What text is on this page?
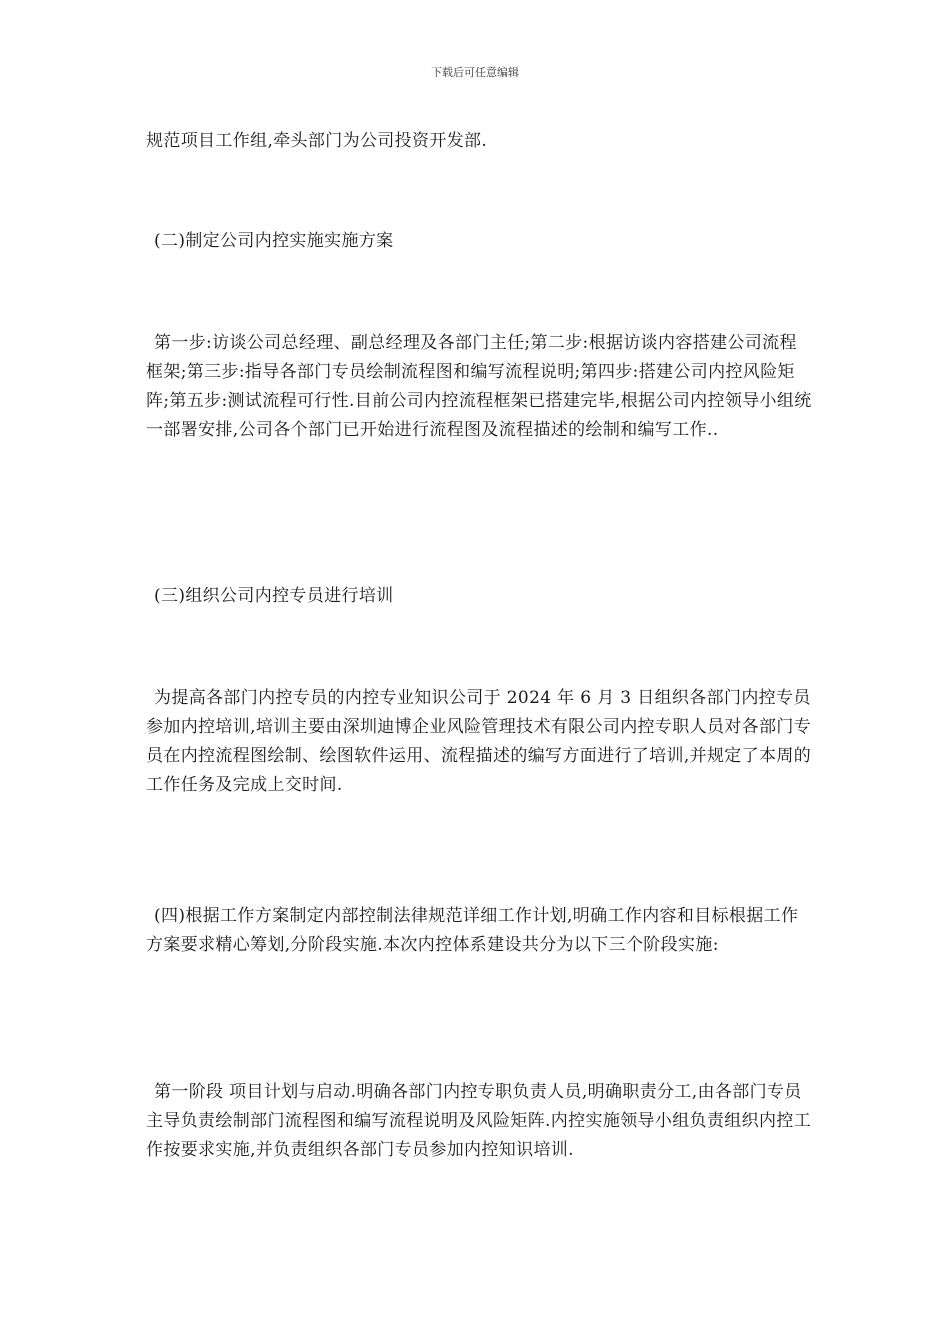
下载后可任意编辑

规范项目工作组,牵头部门为公司投资开发部.

(二)制定公司内控实施实施方案

第一步:访谈公司总经理、副总经理及各部门主任;第二步:根据访谈内容搭建公司流程框架;第三步:指导各部门专员绘制流程图和编写流程说明;第四步:搭建公司内控风险矩阵;第五步:测试流程可行性.目前公司内控流程框架已搭建完毕,根据公司内控领导小组统一部署安排,公司各个部门已开始进行流程图及流程描述的绘制和编写工作..

(三)组织公司内控专员进行培训

为提高各部门内控专员的内控专业知识公司于 2024 年 6 月 3 日组织各部门内控专员参加内控培训,培训主要由深圳迪博企业风险管理技术有限公司内控专职人员对各部门专员在内控流程图绘制、绘图软件运用、流程描述的编写方面进行了培训,并规定了本周的工作任务及完成上交时间.

(四)根据工作方案制定内部控制法律规范详细工作计划,明确工作内容和目标根据工作方案要求精心筹划,分阶段实施.本次内控体系建设共分为以下三个阶段实施:

第一阶段 项目计划与启动.明确各部门内控专职负责人员,明确职责分工,由各部门专员主导负责绘制部门流程图和编写流程说明及风险矩阵.内控实施领导小组负责组织内控工作按要求实施,并负责组织各部门专员参加内控知识培训.
